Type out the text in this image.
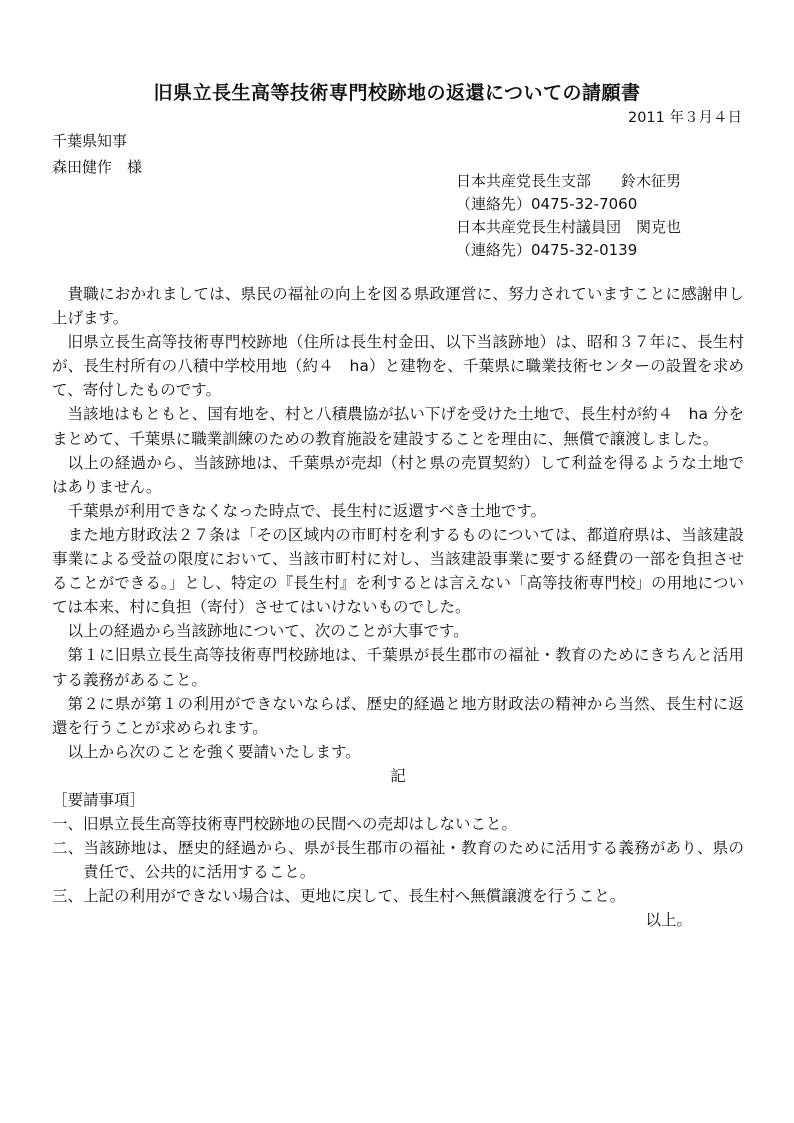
旧県立長生高等技術専門校跡地の返還についての請願書
2011 年３月４日
千葉県知事
森田健作　様
日本共産党長生支部　　鈴木征男
（連絡先）0475-32-7060
日本共産党長生村議員団　関克也
（連絡先）0475-32-0139

貴職におかれましては、県民の福祉の向上を図る県政運営に、努力されていますことに感謝申し上げます。

旧県立長生高等技術専門校跡地（住所は長生村金田、以下当該跡地）は、昭和３７年に、長生村が、長生村所有の八積中学校用地（約４　ha）と建物を、千葉県に職業技術センターの設置を求めて、寄付したものです。

当該地はもともと、国有地を、村と八積農協が払い下げを受けた土地で、長生村が約４　ha 分をまとめて、千葉県に職業訓練のための教育施設を建設することを理由に、無償で譲渡しました。

以上の経過から、当該跡地は、千葉県が売却（村と県の売買契約）して利益を得るような土地ではありません。

千葉県が利用できなくなった時点で、長生村に返還すべき土地です。

また地方財政法２７条は「その区域内の市町村を利するものについては、都道府県は、当該建設事業による受益の限度において、当該市町村に対し、当該建設事業に要する経費の一部を負担させることができる。」とし、特定の『長生村』を利するとは言えない「高等技術専門校」の用地については本来、村に負担（寄付）させてはいけないものでした。

以上の経過から当該跡地について、次のことが大事です。

第１に旧県立長生高等技術専門校跡地は、千葉県が長生郡市の福祉・教育のためにきちんと活用する義務があること。

第２に県が第１の利用ができないならば、歴史的経過と地方財政法の精神から当然、長生村に返還を行うことが求められます。

以上から次のことを強く要請いたします。

記

［要請事項］

一、旧県立長生高等技術専門校跡地の民間への売却はしないこと。

二、当該跡地は、歴史的経過から、県が長生郡市の福祉・教育のために活用する義務があり、県の責任で、公共的に活用すること。

三、上記の利用ができない場合は、更地に戻して、長生村へ無償譲渡を行うこと。

以上。
